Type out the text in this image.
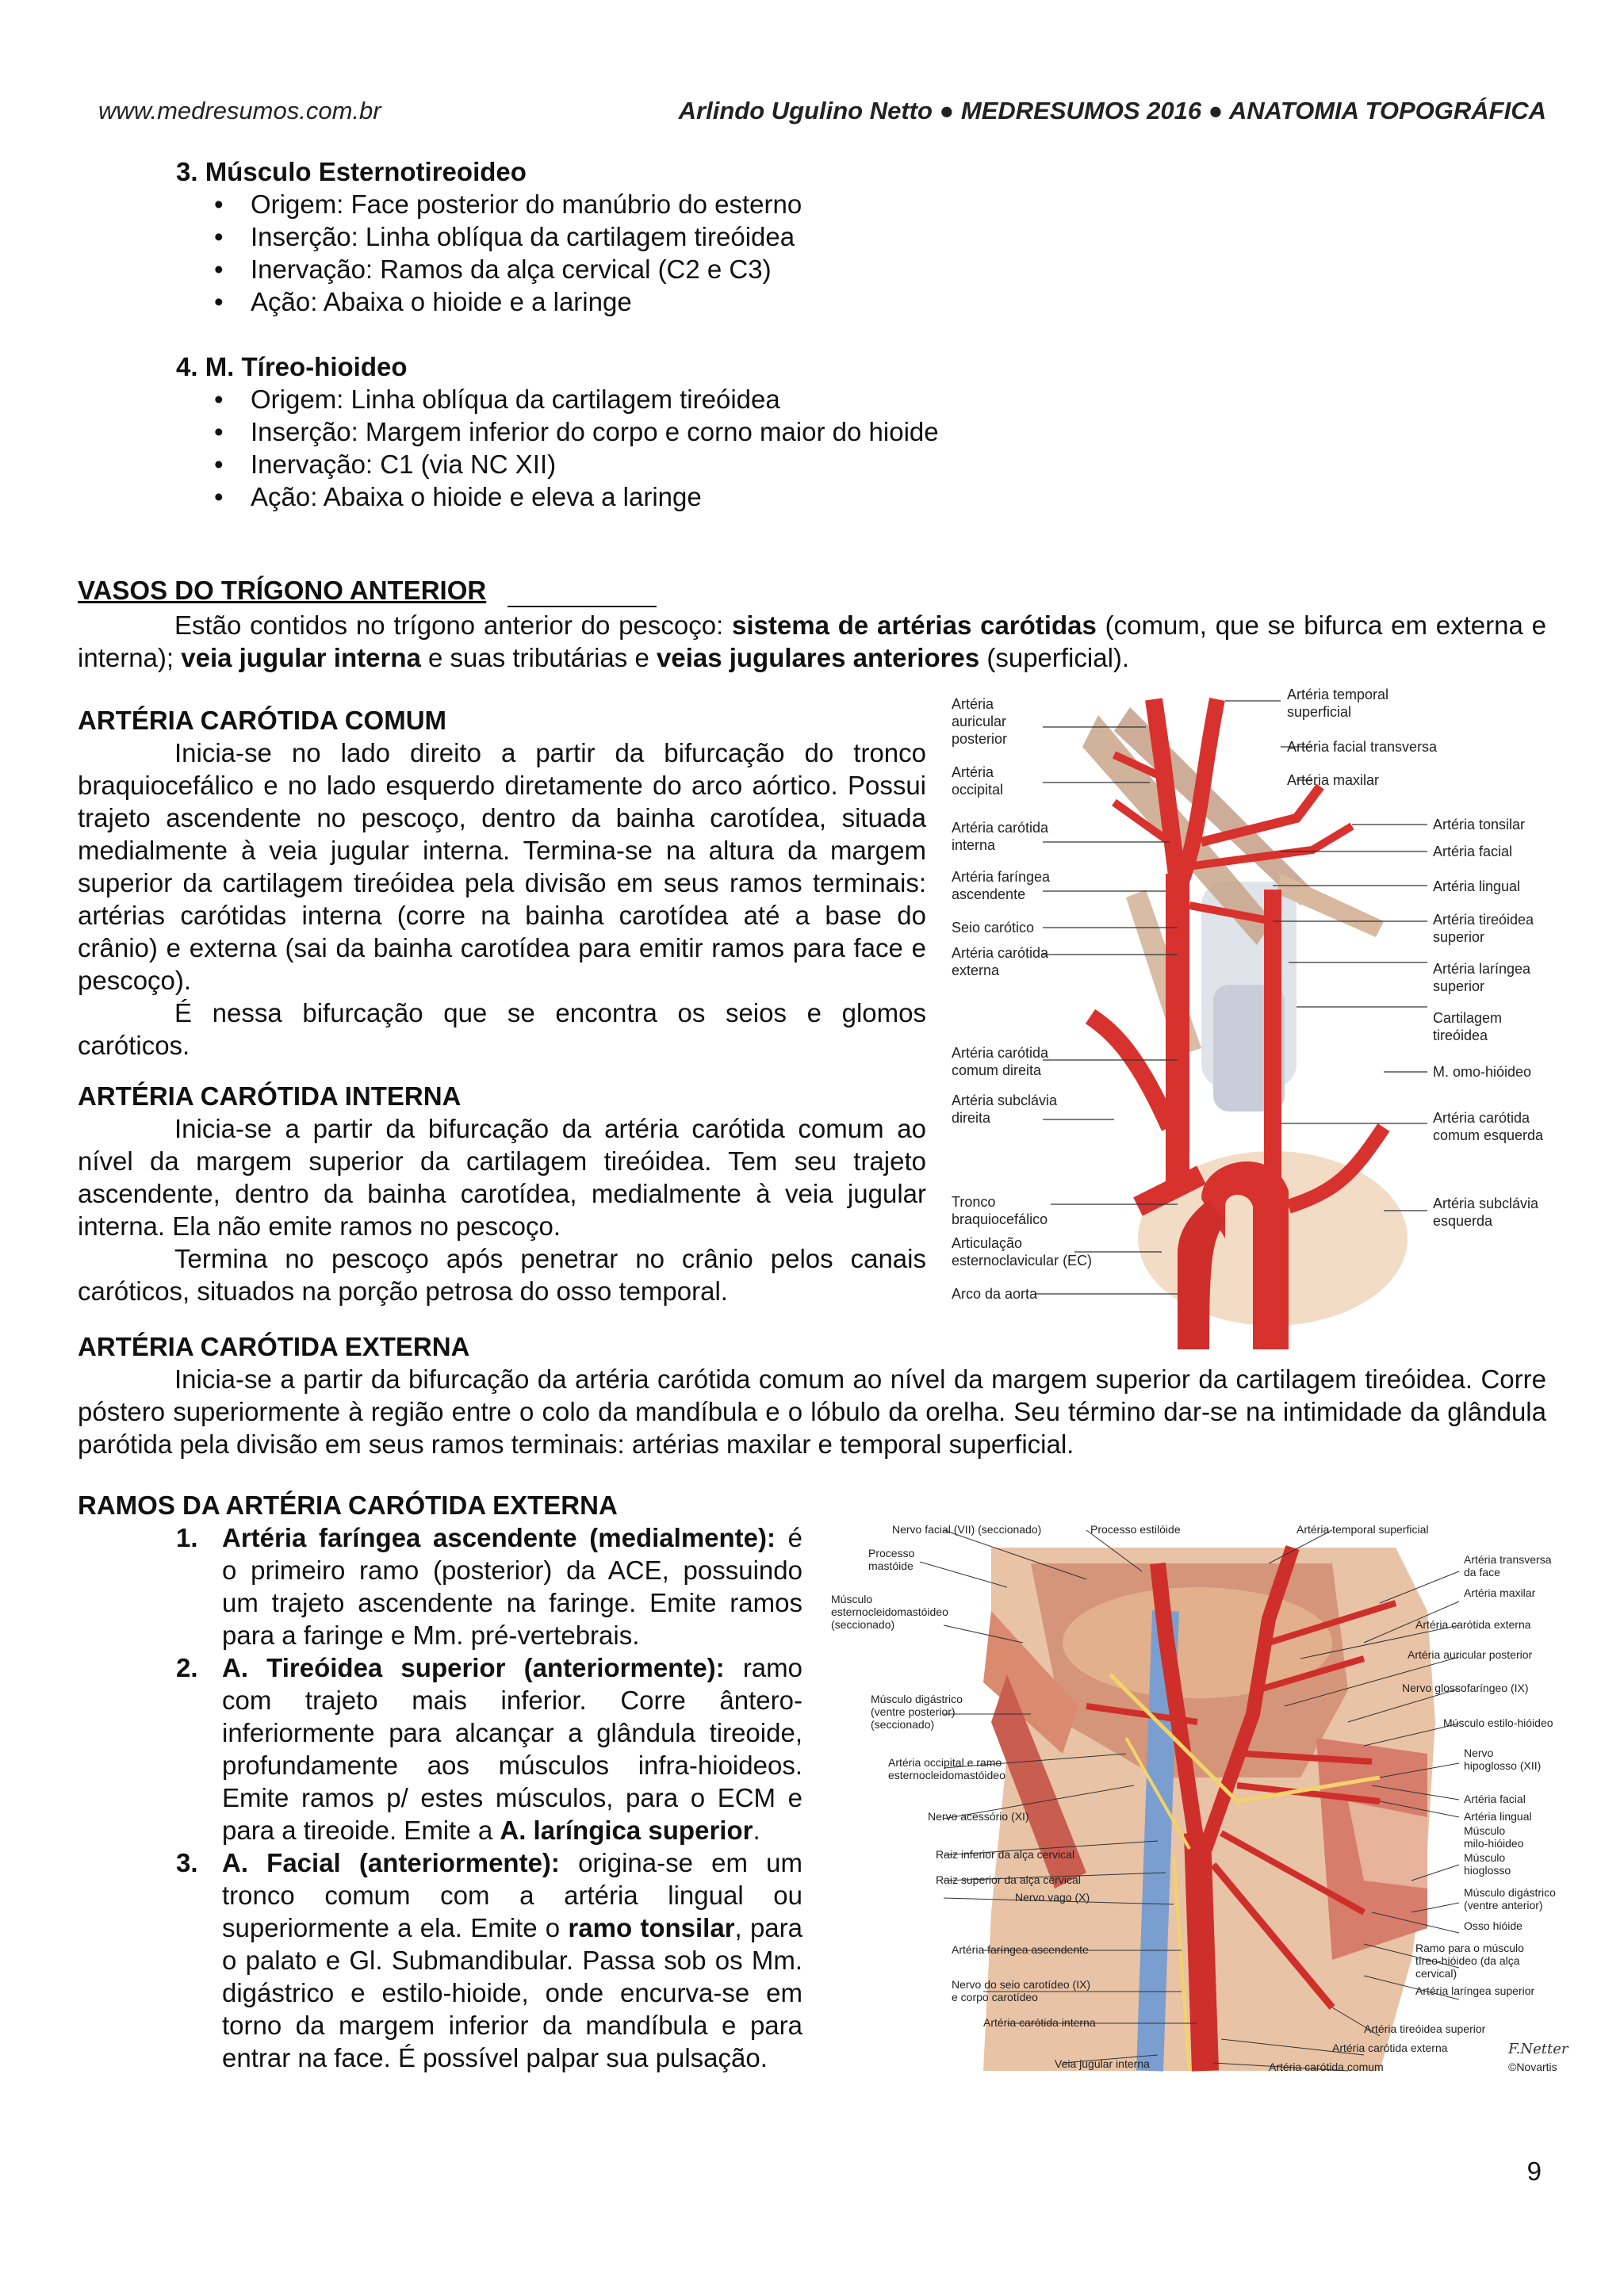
www.medresumos.com.br	Arlindo Ugulino Netto ● MEDRESUMOS 2016 ● ANATOMIA TOPOGRÁFICA
3. Músculo Esternotireoideo
• Origem: Face posterior do manúbrio do esterno
• Inserção: Linha oblíqua da cartilagem tireóidea
• Inervação: Ramos da alça cervical (C2 e C3)
• Ação: Abaixa o hioide e a laringe
4. M. Tíreo-hioideo
• Origem: Linha oblíqua da cartilagem tireóidea
• Inserção: Margem inferior do corpo e corno maior do hioide
• Inervação: C1 (via NC XII)
• Ação: Abaixa o hioide e eleva a laringe
VASOS DO TRÍGONO ANTERIOR

Estão contidos no trígono anterior do pescoço: sistema de artérias carótidas (comum, que se bifurca em externa e interna); veia jugular interna e suas tributárias e veias jugulares anteriores (superficial).

ARTÉRIA CARÓTIDA COMUM

Inicia-se no lado direito a partir da bifurcação do tronco braquiocefálico e no lado esquerdo diretamente do arco aórtico. Possui trajeto ascendente no pescoço, dentro da bainha carotídea, situada medialmente à veia jugular interna. Termina-se na altura da margem superior da cartilagem tireóidea pela divisão em seus ramos terminais: artérias carótidas interna (corre na bainha carotídea até a base do crânio) e externa (sai da bainha carotídea para emitir ramos para face e pescoço).

É nessa bifurcação que se encontra os seios e glomos caróticos.

ARTÉRIA CARÓTIDA INTERNA

Inicia-se a partir da bifurcação da artéria carótida comum ao nível da margem superior da cartilagem tireóidea. Tem seu trajeto ascendente, dentro da bainha carotídea, medialmente à veia jugular interna. Ela não emite ramos no pescoço.

Termina no pescoço após penetrar no crânio pelos canais caróticos, situados na porção petrosa do osso temporal.

ARTÉRIA CARÓTIDA EXTERNA

Inicia-se a partir da bifurcação da artéria carótida comum ao nível da margem superior da cartilagem tireóidea. Corre póstero superiormente à região entre o colo da mandíbula e o lóbulo da orelha. Seu término dar-se na intimidade da glândula parótida pela divisão em seus ramos terminais: artérias maxilar e temporal superficial.

RAMOS DA ARTÉRIA CARÓTIDA EXTERNA
1. Artéria faríngea ascendente (medialmente): é o primeiro ramo (posterior) da ACE, possuindo um trajeto ascendente na faringe. Emite ramos para a faringe e Mm. pré-vertebrais.
2. A. Tireóidea superior (anteriormente): ramo com trajeto mais inferior. Corre ântero-inferiormente para alcançar a glândula tireoide, profundamente aos músculos infra-hioideos. Emite ramos p/ estes músculos, para o ECM e para a tireoide. Emite a A. laríngica superior.
3. A. Facial (anteriormente): origina-se em um tronco comum com a artéria lingual ou superiormente a ela. Emite o ramo tonsilar, para o palato e Gl. Submandibular. Passa sob os Mm. digástrico e estilo-hioide, onde encurva-se em torno da margem inferior da mandíbula e para entrar na face. É possível palpar sua pulsação.
Artéria
auricular
posterior
Artéria
occipital
Artéria carótida
interna
Artéria faríngea
ascendente
Seio carótico
Artéria carótida
externa
Artéria carótida
comum direita
Artéria subclávia
direita
Tronco
braquiocefálico
Articulação
esternoclavicular (EC)
Arco da aorta
Artéria temporal
superficial
Artéria facial transversa
Artéria maxilar
Artéria tonsilar
Artéria facial
Artéria lingual
Artéria tireóidea
superior
Artéria laríngea
superior
Cartilagem
tireóidea
M. omo-hióideo
Artéria carótida
comum esquerda
Artéria subclávia
esquerda
Nervo facial (VII) (seccionado)	Processo estilóide	Artéria temporal superficial
Processo
mastóide
Músculo
esternocleidomastóideo
(seccionado)
Músculo digástrico
(ventre posterior)
(seccionado)
Artéria occipital e ramo
esternocleidomastóideo
Nervo acessório (XI)
Raiz inferior da alça cervical
Raiz superior da alça cervical
Nervo vago (X)
Artéria faríngea ascendente
Nervo do seio carotídeo (IX)
e corpo carotídeo
Artéria carótida interna
Veia jugular interna
Artéria transversa
da face
Artéria maxilar
Artéria carótida externa
Artéria auricular posterior
Nervo glossofaríngeo (IX)
Músculo estilo-hióideo
Nervo
hipoglosso (XII)
Artéria facial
Artéria lingual
Músculo
milo-hióideo
Músculo
hioglosso
Músculo digástrico
(ventre anterior)
Osso hióide
Ramo para o músculo
tíreo-hióideo (da alça
cervical)
Artéria laríngea superior
Artéria tireóidea superior
Artéria carótida externa
Artéria carótida comum
F.Netter
©Novartis
9
